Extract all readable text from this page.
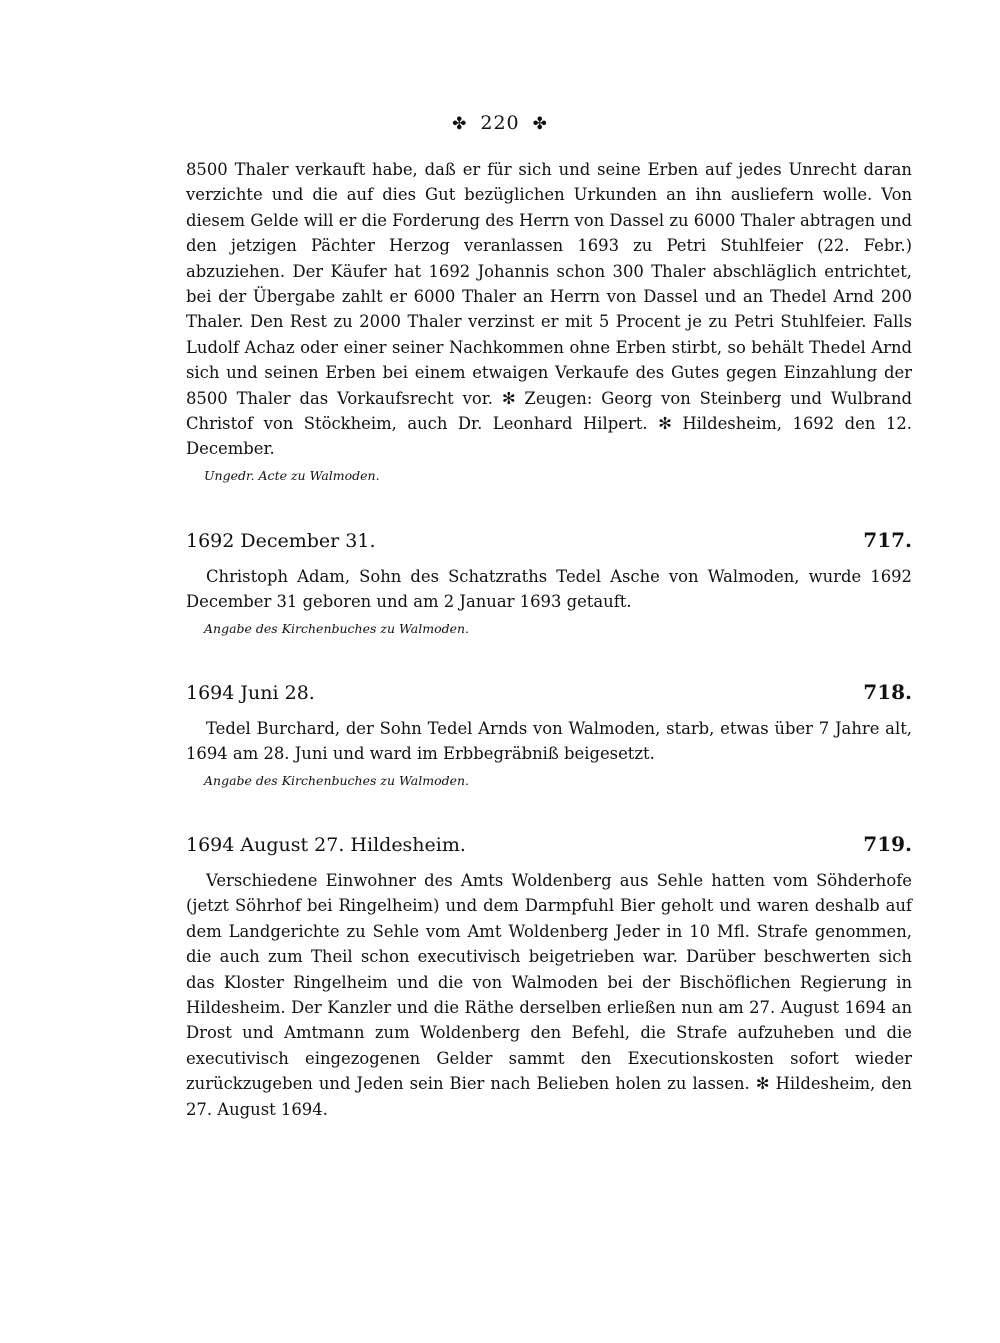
✤ 220 ✤

8500 Thaler verkauft habe, daß er für sich und seine Erben auf jedes Unrecht daran verzichte und die auf dies Gut bezüglichen Urkunden an ihn ausliefern wolle. Von diesem Gelde will er die Forderung des Herrn von Dassel zu 6000 Thaler abtragen und den jetzigen Pächter Herzog veranlassen 1693 zu Petri Stuhlfeier (22. Febr.) abzuziehen. Der Käufer hat 1692 Johannis schon 300 Thaler abschläglich entrichtet, bei der Übergabe zahlt er 6000 Thaler an Herrn von Dassel und an Thedel Arnd 200 Thaler. Den Rest zu 2000 Thaler verzinst er mit 5 Procent je zu Petri Stuhlfeier. Falls Ludolf Achaz oder einer seiner Nachkommen ohne Erben stirbt, so behält Thedel Arnd sich und seinen Erben bei einem etwaigen Verkaufe des Gutes gegen Einzahlung der 8500 Thaler das Vorkaufsrecht vor. ✻ Zeugen: Georg von Steinberg und Wulbrand Christof von Stöckheim, auch Dr. Leonhard Hilpert. ✻ Hildesheim, 1692 den 12. December.

Ungedr. Acte zu Walmoden.
1692 December 31.	717.

Christoph Adam, Sohn des Schatzraths Tedel Asche von Walmoden, wurde 1692 December 31 geboren und am 2 Januar 1693 getauft.

Angabe des Kirchenbuches zu Walmoden.
1694 Juni 28.	718.

Tedel Burchard, der Sohn Tedel Arnds von Walmoden, starb, etwas über 7 Jahre alt, 1694 am 28. Juni und ward im Erbbegräbniß beigesetzt.

Angabe des Kirchenbuches zu Walmoden.
1694 August 27. Hildesheim.	719.

Verschiedene Einwohner des Amts Woldenberg aus Sehle hatten vom Söhderhofe (jetzt Söhrhof bei Ringelheim) und dem Darmpfuhl Bier geholt und waren deshalb auf dem Landgerichte zu Sehle vom Amt Woldenberg Jeder in 10 Mfl. Strafe genommen, die auch zum Theil schon executivisch beigetrieben war. Darüber beschwerten sich das Kloster Ringelheim und die von Walmoden bei der Bischöflichen Regierung in Hildesheim. Der Kanzler und die Räthe derselben erließen nun am 27. August 1694 an Drost und Amtmann zum Woldenberg den Befehl, die Strafe aufzuheben und die executivisch eingezogenen Gelder sammt den Executionskosten sofort wieder zurückzugeben und Jeden sein Bier nach Belieben holen zu lassen. ✻ Hildesheim, den 27. August 1694.
